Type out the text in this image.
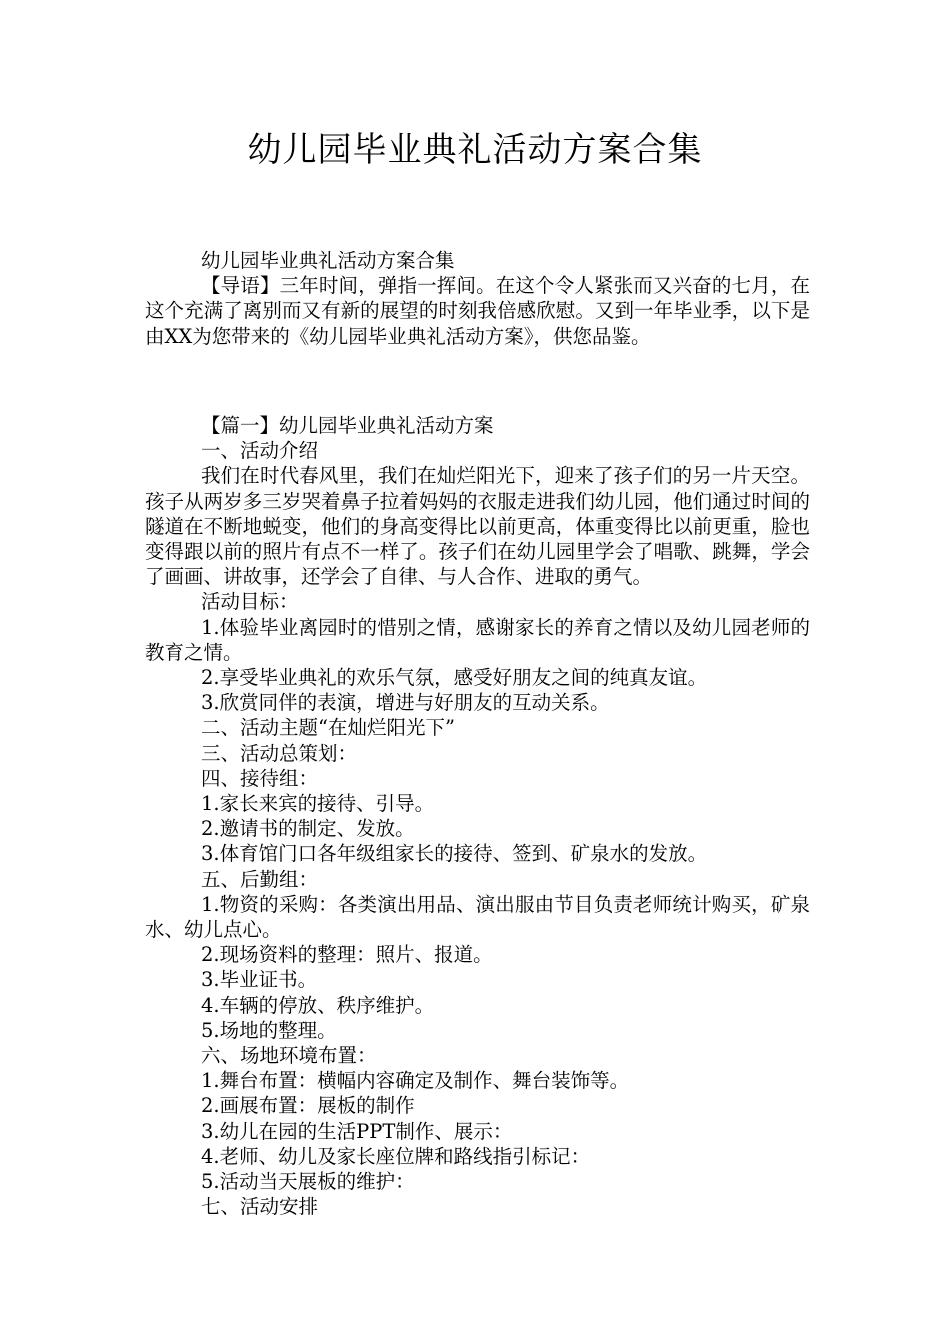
幼儿园毕业典礼活动方案合集

幼儿园毕业典礼活动方案合集

【导语】三年时间，弹指一挥间。在这个令人紧张而又兴奋的七月，在这个充满了离别而又有新的展望的时刻我倍感欣慰。又到一年毕业季，以下是由XX为您带来的《幼儿园毕业典礼活动方案》，供您品鉴。

【篇一】幼儿园毕业典礼活动方案

一、活动介绍

我们在时代春风里，我们在灿烂阳光下，迎来了孩子们的另一片天空。孩子从两岁多三岁哭着鼻子拉着妈妈的衣服走进我们幼儿园，他们通过时间的隧道在不断地蜕变，他们的身高变得比以前更高，体重变得比以前更重，脸也变得跟以前的照片有点不一样了。孩子们在幼儿园里学会了唱歌、跳舞，学会了画画、讲故事，还学会了自律、与人合作、进取的勇气。

活动目标：

1.体验毕业离园时的惜别之情，感谢家长的养育之情以及幼儿园老师的教育之情。

2.享受毕业典礼的欢乐气氛，感受好朋友之间的纯真友谊。

3.欣赏同伴的表演，增进与好朋友的互动关系。

二、活动主题“在灿烂阳光下”

三、活动总策划：

四、接待组：

1.家长来宾的接待、引导。

2.邀请书的制定、发放。

3.体育馆门口各年级组家长的接待、签到、矿泉水的发放。

五、后勤组：

1.物资的采购：各类演出用品、演出服由节目负责老师统计购买，矿泉水、幼儿点心。

2.现场资料的整理：照片、报道。

3.毕业证书。

4.车辆的停放、秩序维护。

5.场地的整理。

六、场地环境布置：

1.舞台布置：横幅内容确定及制作、舞台装饰等。

2.画展布置：展板的制作

3.幼儿在园的生活PPT制作、展示：

4.老师、幼儿及家长座位牌和路线指引标记：

5.活动当天展板的维护：

七、活动安排
